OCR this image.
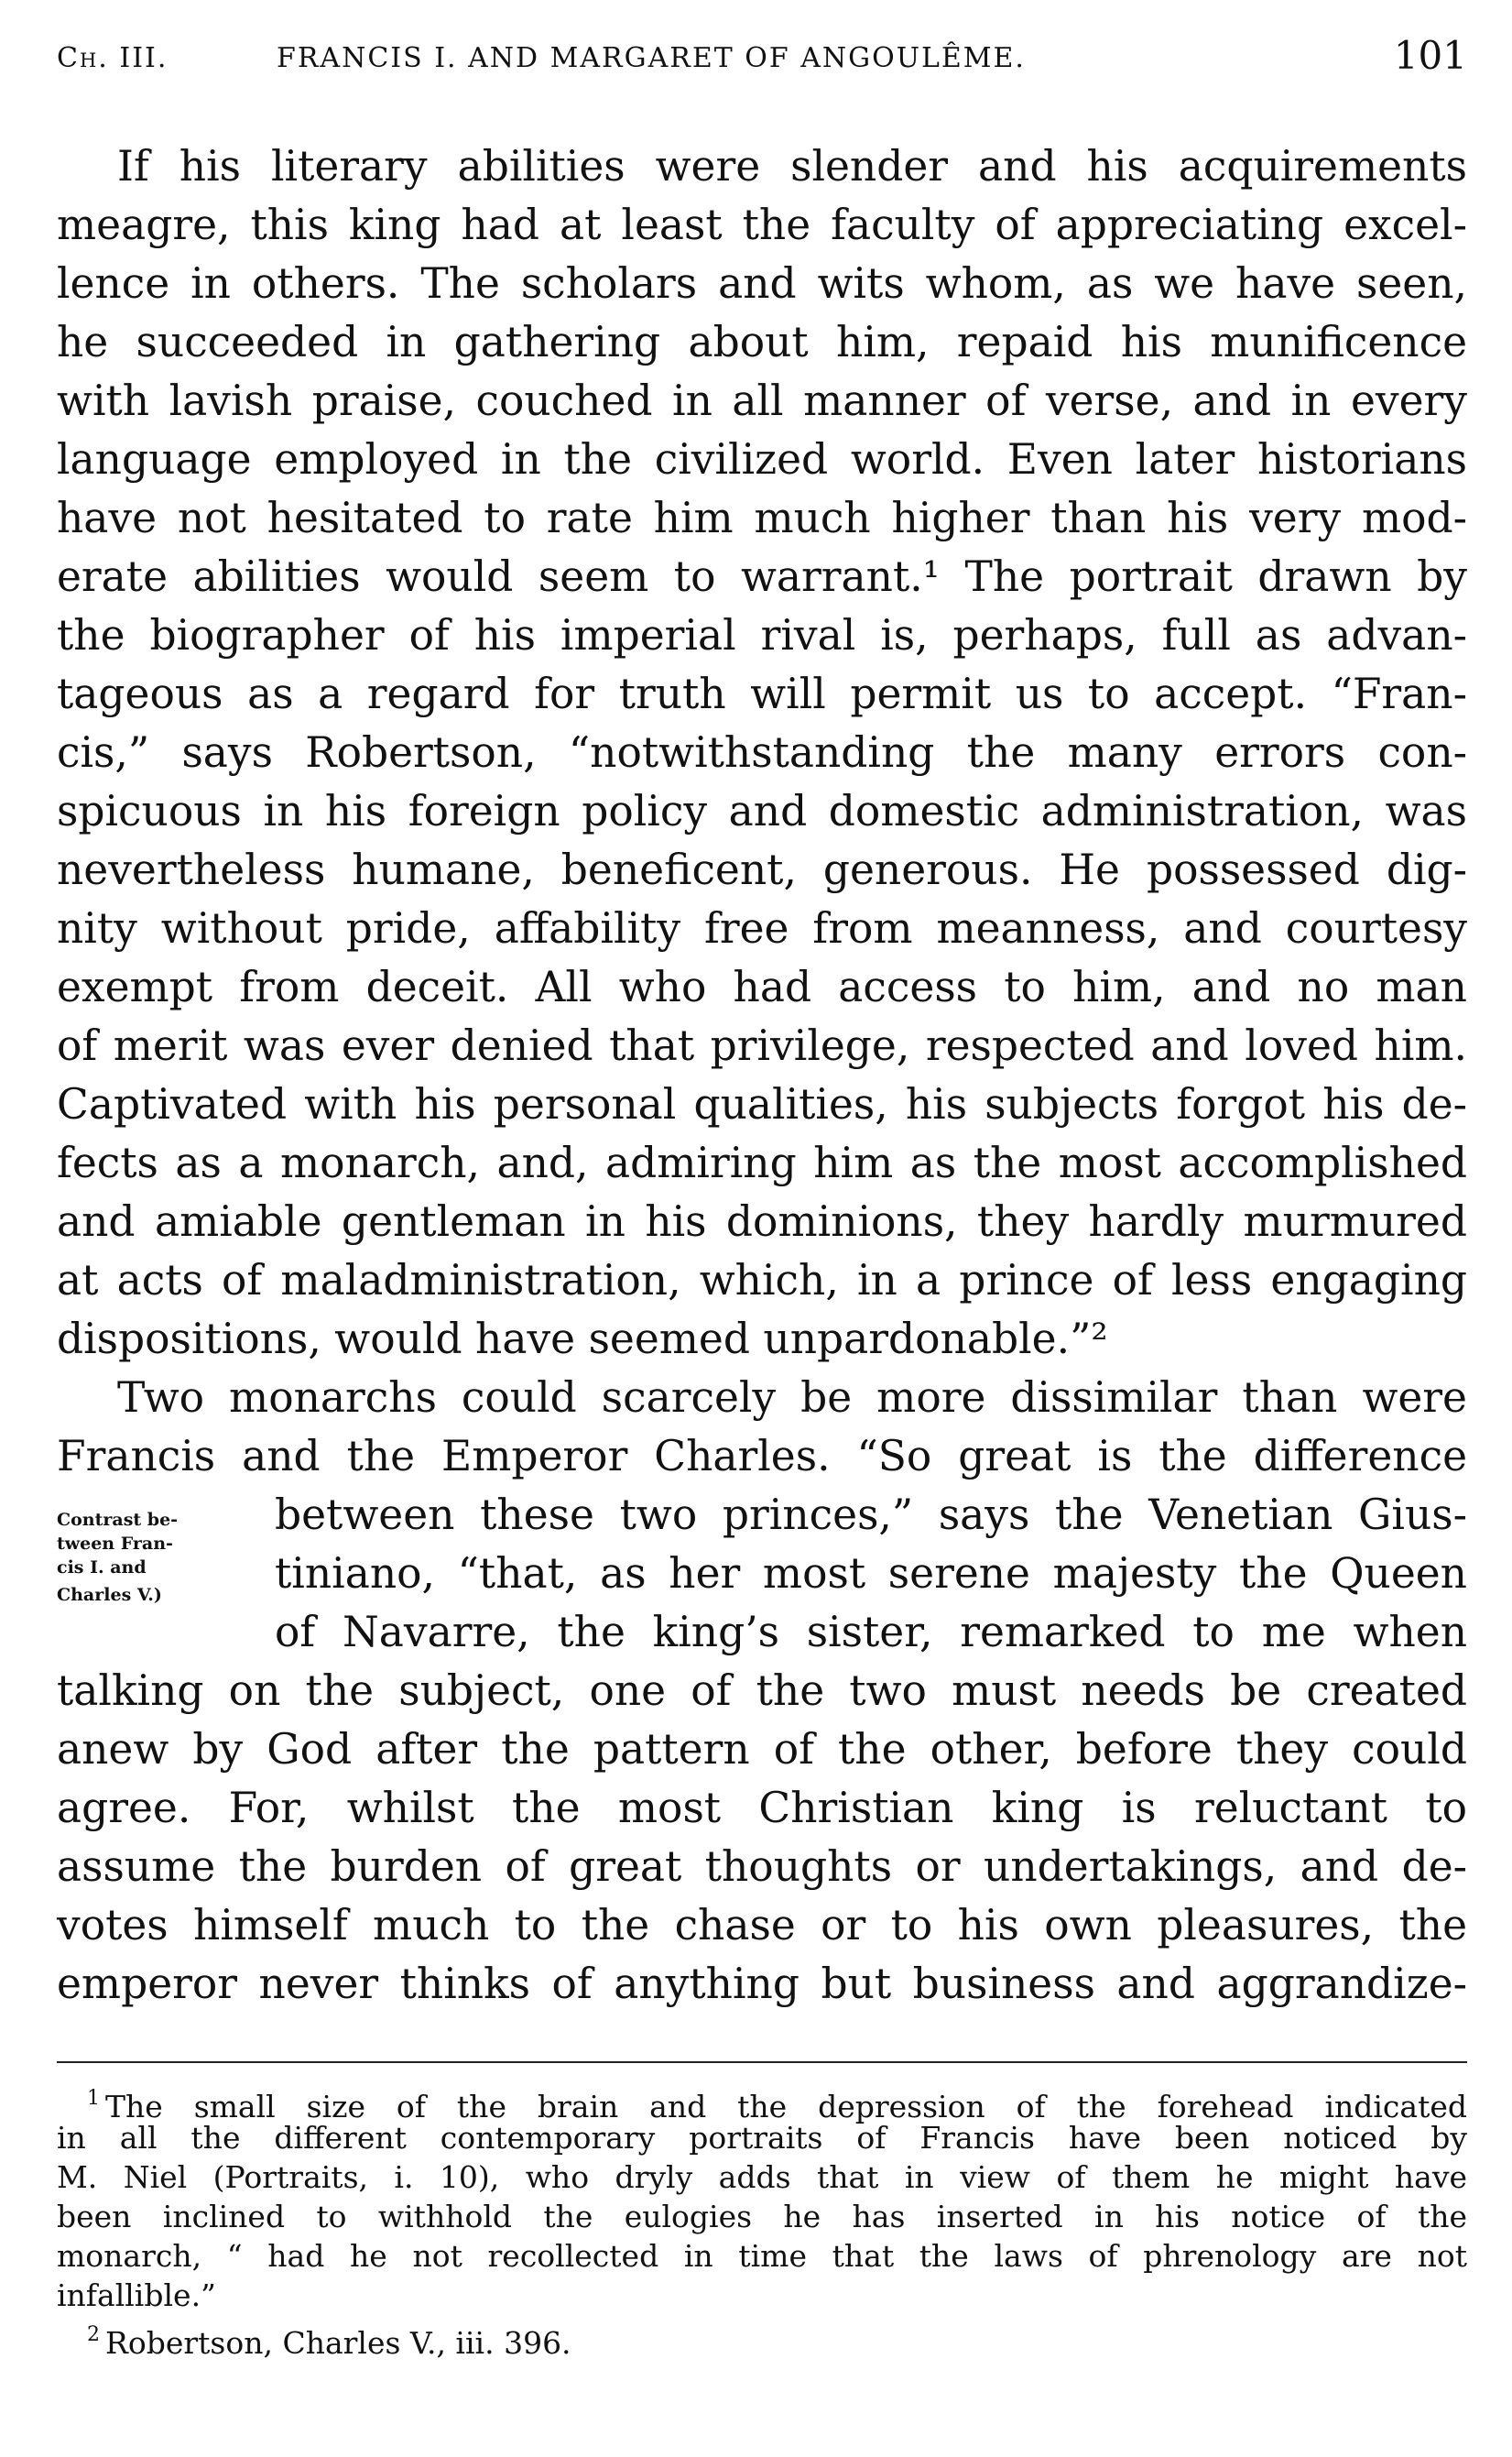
Ch. III.	FRANCIS I. AND MARGARET OF ANGOULÊME.	101
If his literary abilities were slender and his acquirements
meagre, this king had at least the faculty of appreciating excel-
lence in others. The scholars and wits whom, as we have seen,
he succeeded in gathering about him, repaid his munificence
with lavish praise, couched in all manner of verse, and in every
language employed in the civilized world. Even later historians
have not hesitated to rate him much higher than his very mod-
erate abilities would seem to warrant.¹ The portrait drawn by
the biographer of his imperial rival is, perhaps, full as advan-
tageous as a regard for truth will permit us to accept. “Fran-
cis,” says Robertson, “notwithstanding the many errors con-
spicuous in his foreign policy and domestic administration, was
nevertheless humane, beneficent, generous. He possessed dig-
nity without pride, affability free from meanness, and courtesy
exempt from deceit. All who had access to him, and no man
of merit was ever denied that privilege, respected and loved him.
Captivated with his personal qualities, his subjects forgot his de-
fects as a monarch, and, admiring him as the most accomplished
and amiable gentleman in his dominions, they hardly murmured
at acts of maladministration, which, in a prince of less engaging
dispositions, would have seemed unpardonable.”²
Two monarchs could scarcely be more dissimilar than were
Francis and the Emperor Charles. “So great is the difference
between these two princes,” says the Venetian Gius-
tiniano, “that, as her most serene majesty the Queen
of Navarre, the king’s sister, remarked to me when
talking on the subject, one of the two must needs be created
anew by God after the pattern of the other, before they could
agree. For, whilst the most Christian king is reluctant to
assume the burden of great thoughts or undertakings, and de-
votes himself much to the chase or to his own pleasures, the
emperor never thinks of anything but business and aggrandize-
Contrast be-
tween Fran-
cis I. and
Charles V.)
$^1$ The small size of the brain and the depression of the forehead indicated
in all the different contemporary portraits of Francis have been noticed by
M. Niel (Portraits, i. 10), who dryly adds that in view of them he might have
been inclined to withhold the eulogies he has inserted in his notice of the
monarch, “ had he not recollected in time that the laws of phrenology are not
infallible.”
$^2$ Robertson, Charles V., iii. 396.
